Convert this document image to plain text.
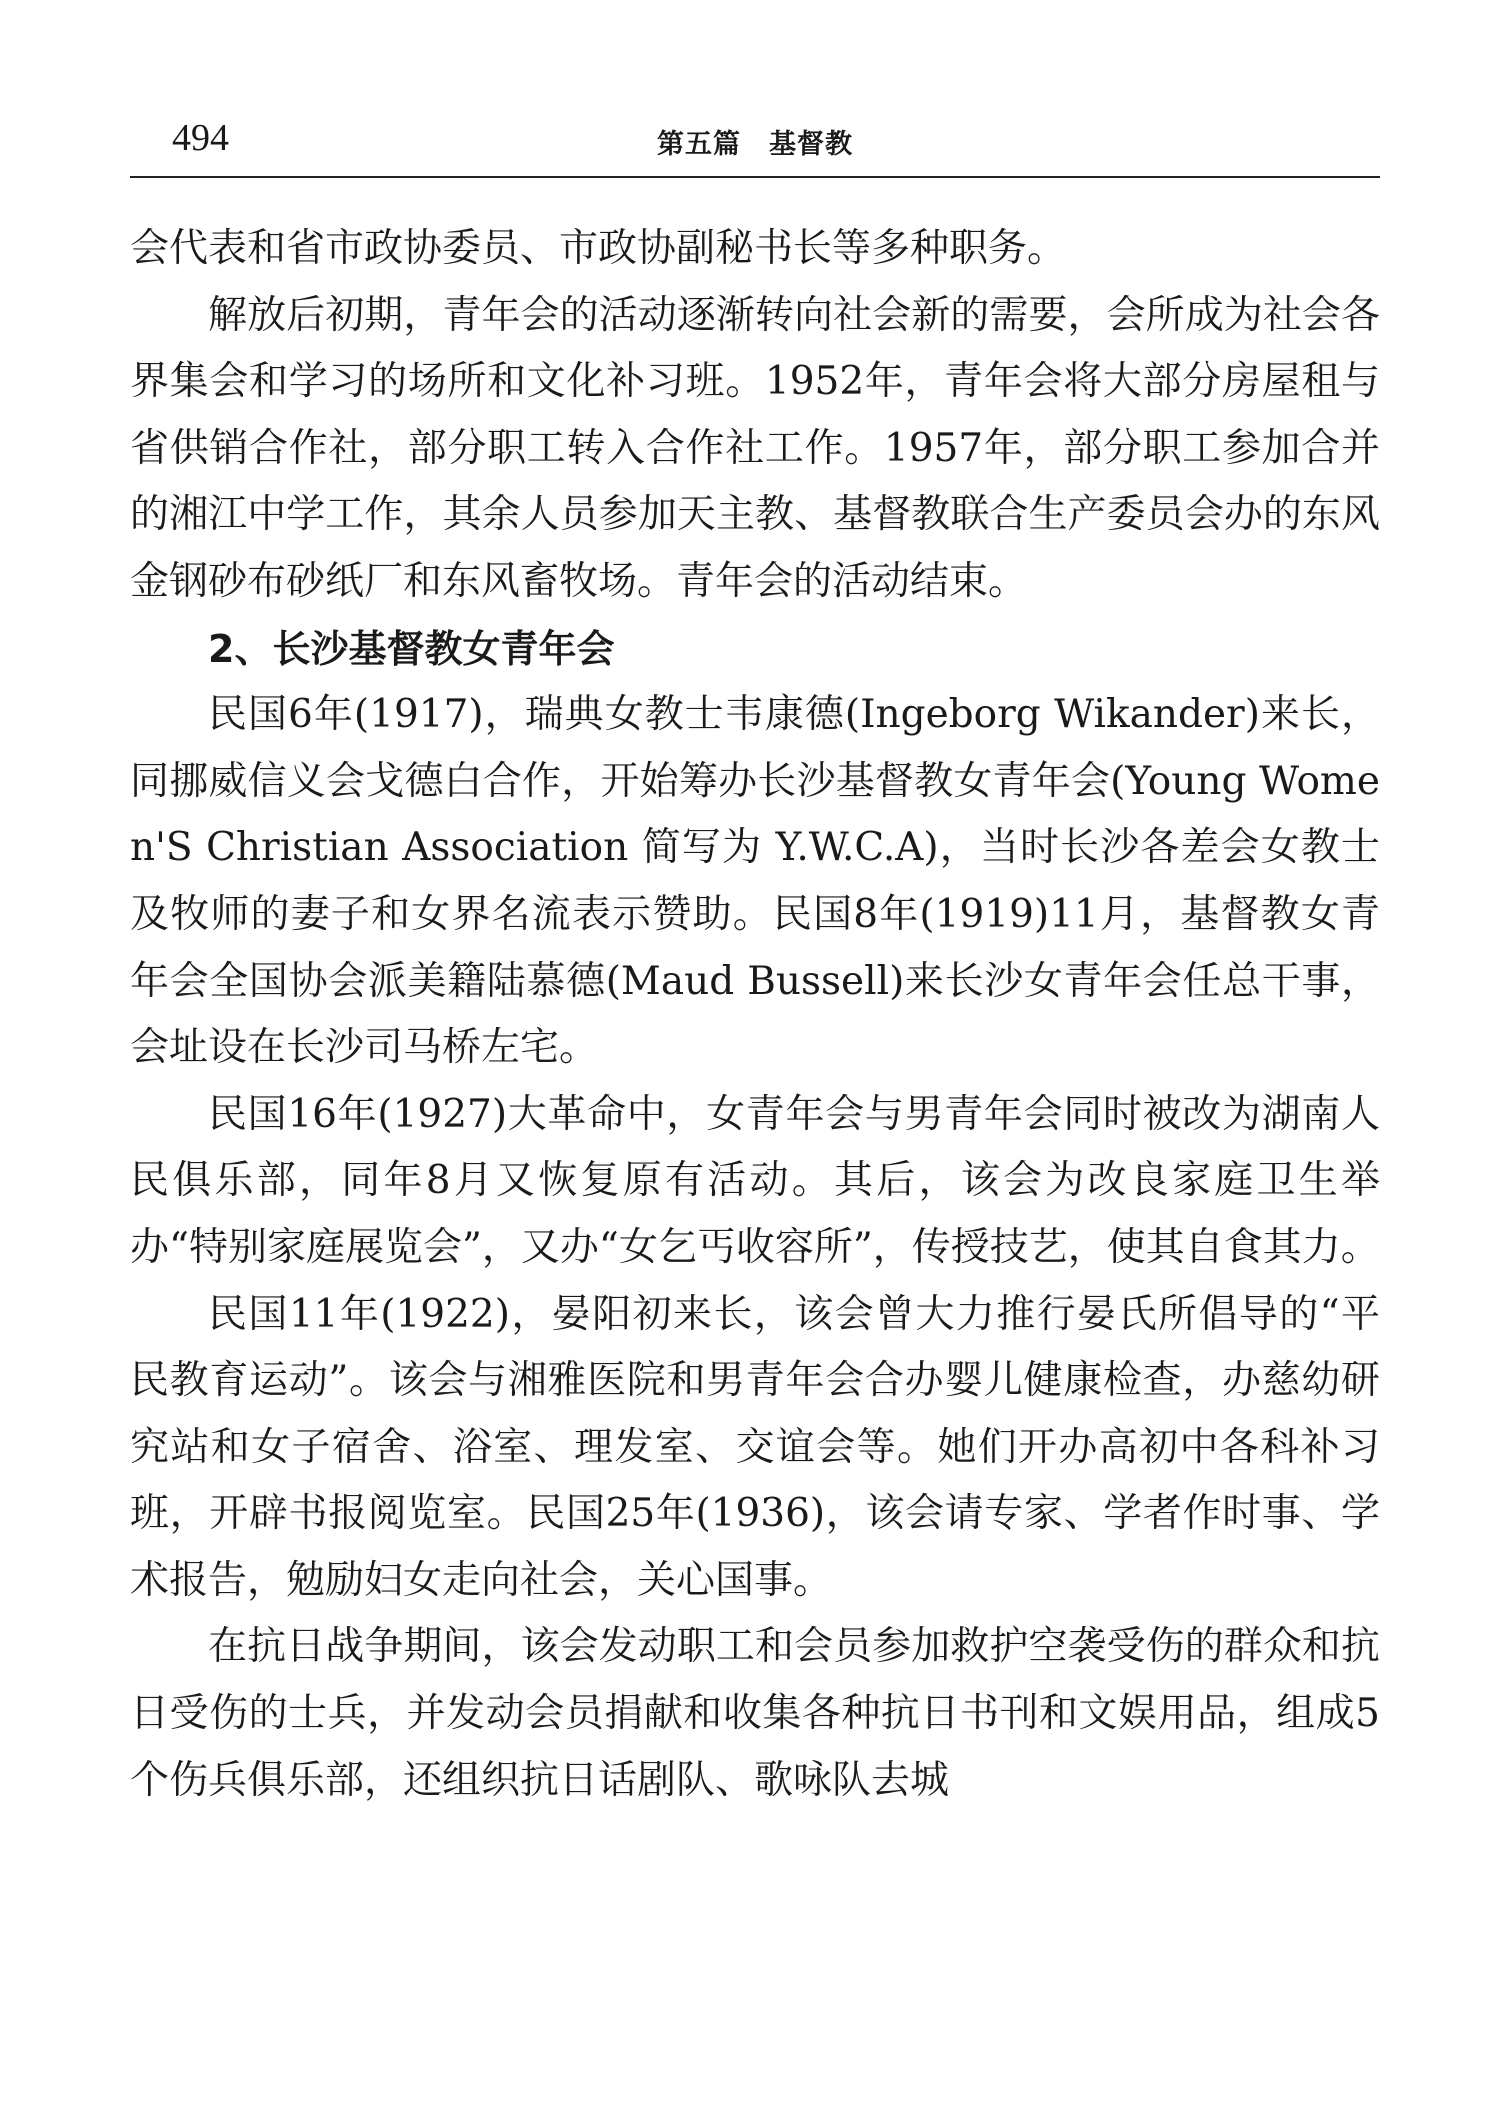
494	第五篇　基督教

会代表和省市政协委员、市政协副秘书长等多种职务。

解放后初期，青年会的活动逐渐转向社会新的需要，会所成为社会各界集会和学习的场所和文化补习班。1952年，青年会将大部分房屋租与省供销合作社，部分职工转入合作社工作。1957年，部分职工参加合并的湘江中学工作，其余人员参加天主教、基督教联合生产委员会办的东风金钢砂布砂纸厂和东风畜牧场。青年会的活动结束。

2、长沙基督教女青年会

民国6年(1917)，瑞典女教士韦康德(Ingeborg Wikander)来长，同挪威信义会戈德白合作，开始筹办长沙基督教女青年会(Young Women'S Christian Association 简写为 Y.W.C.A)，当时长沙各差会女教士及牧师的妻子和女界名流表示赞助。民国8年(1919)11月，基督教女青年会全国协会派美籍陆慕德(Maud Bussell)来长沙女青年会任总干事，会址设在长沙司马桥左宅。

民国16年(1927)大革命中，女青年会与男青年会同时被改为湖南人民俱乐部，同年8月又恢复原有活动。其后，该会为改良家庭卫生举办“特别家庭展览会”，又办“女乞丐收容所”，传授技艺，使其自食其力。

民国11年(1922)，晏阳初来长，该会曾大力推行晏氏所倡导的“平民教育运动”。该会与湘雅医院和男青年会合办婴儿健康检查，办慈幼研究站和女子宿舍、浴室、理发室、交谊会等。她们开办高初中各科补习班，开辟书报阅览室。民国25年(1936)，该会请专家、学者作时事、学术报告，勉励妇女走向社会，关心国事。

在抗日战争期间，该会发动职工和会员参加救护空袭受伤的群众和抗日受伤的士兵，并发动会员捐献和收集各种抗日书刊和文娱用品，组成5个伤兵俱乐部，还组织抗日话剧队、歌咏队去城
